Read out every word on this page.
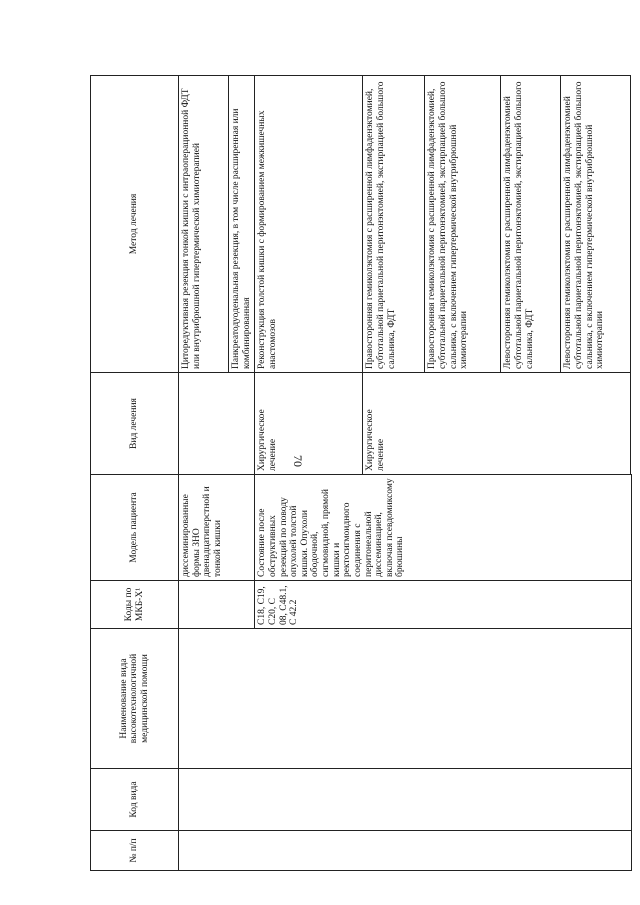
70
№ п/п	Код вида	Наименование вида высокотехнологичной медицинской помощи	Коды по МКБ-X¹	Модель пациента	Вид лечения	Метод лечения
				диссеминированные формы ЗНО двенадцатиперстной и тонкой кишки		Циторедуктивная резекция тонкой кишки с интраоперационной ФДТ или внутрибрюшной гипертермической химиотерапией
						Панкреатодуоденальная резекция, в том числе расширенная или комбинированная
			C18, C19, C20, C 08, C48.1, C 42.2	Состояние после обструктивных резекций по поводу опухолей толстой кишки. Опухоли ободочной, сигмовидной, прямой кишки и ректосигмоидного соединения с перитонеальной диссеминацией, включая псевдомиксому брюшины	Хирургическое лечение	Реконструкция толстой кишки с формированием межкишечных анастомозов
					Хирургическое лечение	Правосторонняя гемиколэктомия с расширенной лимфаденэктомией, субтотальной париетальной перитонэктомией, экстирпацией большого сальника, ФДТ
						Правосторонняя гемиколэктомия с расширенной лимфаденэктомией, субтотальной париетальной перитонэктомией, экстирпацией большого сальника, с включением гипертермической внутрибрюшной химиотерапии
						Левосторонняя гемиколэктомия с расширенной лимфаденэктомией субтотальной париетальной перитонэктомией, экстирпацией большого сальника, ФДТ
						Левосторонняя гемиколэктомия с расширенной лимфаденэктомией субтотальной париетальной перитонэктомией, экстирпацией большого сальника, с включением гипертермической внутрибрюшной химиотерапии
